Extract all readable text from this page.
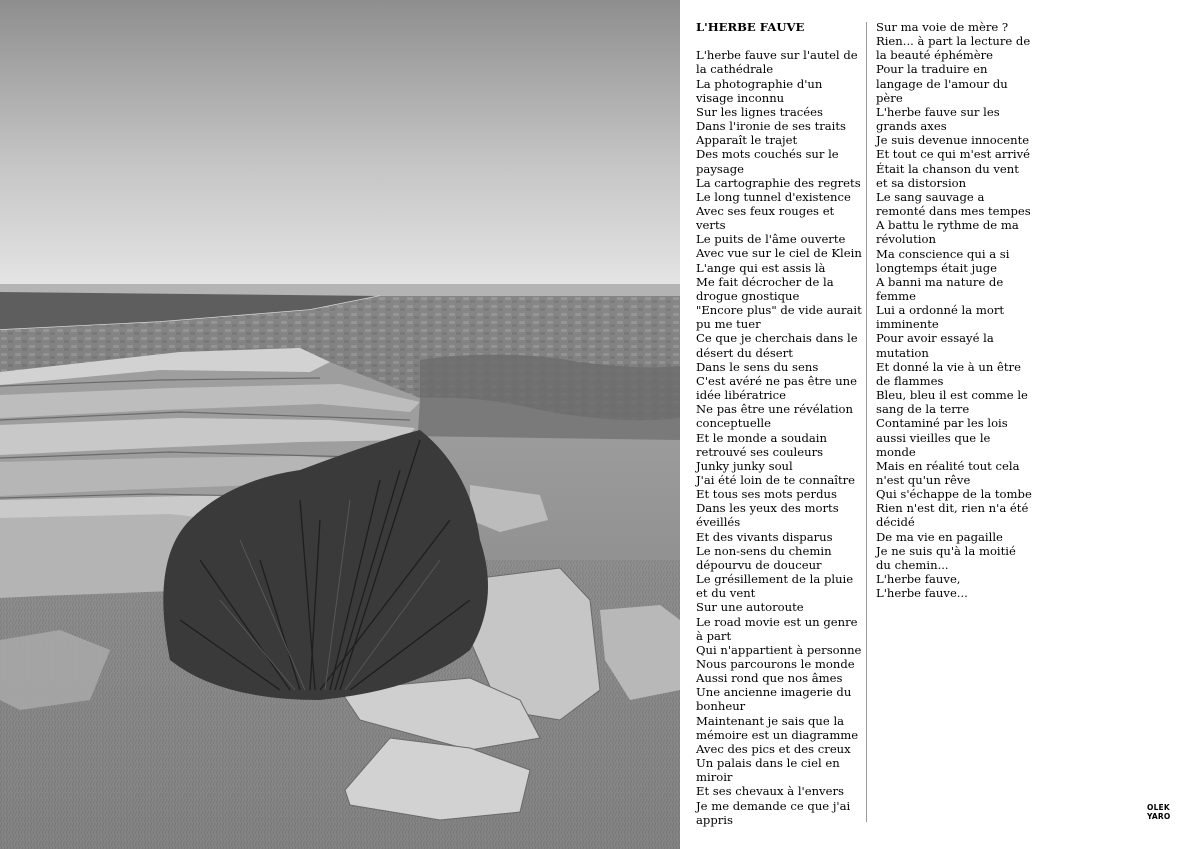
L'HERBE FAUVE
L'herbe fauve sur l'autel de
la cathédrale
La photographie d'un
visage inconnu
Sur les lignes tracées
Dans l'ironie de ses traits
Apparaît le trajet
Des mots couchés sur le
paysage
La cartographie des regrets
Le long tunnel d'existence
Avec ses feux rouges et
verts
Le puits de l'âme ouverte
Avec vue sur le ciel de Klein
L'ange qui est assis là
Me fait décrocher de la
drogue gnostique
"Encore plus" de vide aurait
pu me tuer
Ce que je cherchais dans le
désert du désert
Dans le sens du sens
C'est avéré ne pas être une
idée libératrice
Ne pas être une révélation
conceptuelle
Et le monde a soudain
retrouvé ses couleurs
Junky junky soul
J'ai été loin de te connaître
Et tous ses mots perdus
Dans les yeux des morts
éveillés
Et des vivants disparus
Le non-sens du chemin
dépourvu de douceur
Le grésillement de la pluie
et du vent
Sur une autoroute
Le road movie est un genre
à part
Qui n'appartient à personne
Nous parcourons le monde
Aussi rond que nos âmes
Une ancienne imagerie du
bonheur
Maintenant je sais que la
mémoire est un diagramme
Avec des pics et des creux
Un palais dans le ciel en
miroir
Et ses chevaux à l'envers
Je me demande ce que j'ai
appris
Sur ma voie de mère ?
Rien... à part la lecture de
la beauté éphémère
Pour la traduire en
langage de l'amour du
père
L'herbe fauve sur les
grands axes
Je suis devenue innocente
Et tout ce qui m'est arrivé
Était la chanson du vent
et sa distorsion
Le sang sauvage a
remonté dans mes tempes
A battu le rythme de ma
révolution
Ma conscience qui a si
longtemps était juge
A banni ma nature de
femme
Lui a ordonné la mort
imminente
Pour avoir essayé la
mutation
Et donné la vie à un être
de flammes
Bleu, bleu il est comme le
sang de la terre
Contaminé par les lois
aussi vieilles que le
monde
Mais en réalité tout cela
n'est qu'un rêve
Qui s'échappe de la tombe
Rien n'est dit, rien n'a été
décidé
De ma vie en pagaille
Je ne suis qu'à la moitié
du chemin...
L'herbe fauve,
L'herbe fauve...
OLEK
YARO
